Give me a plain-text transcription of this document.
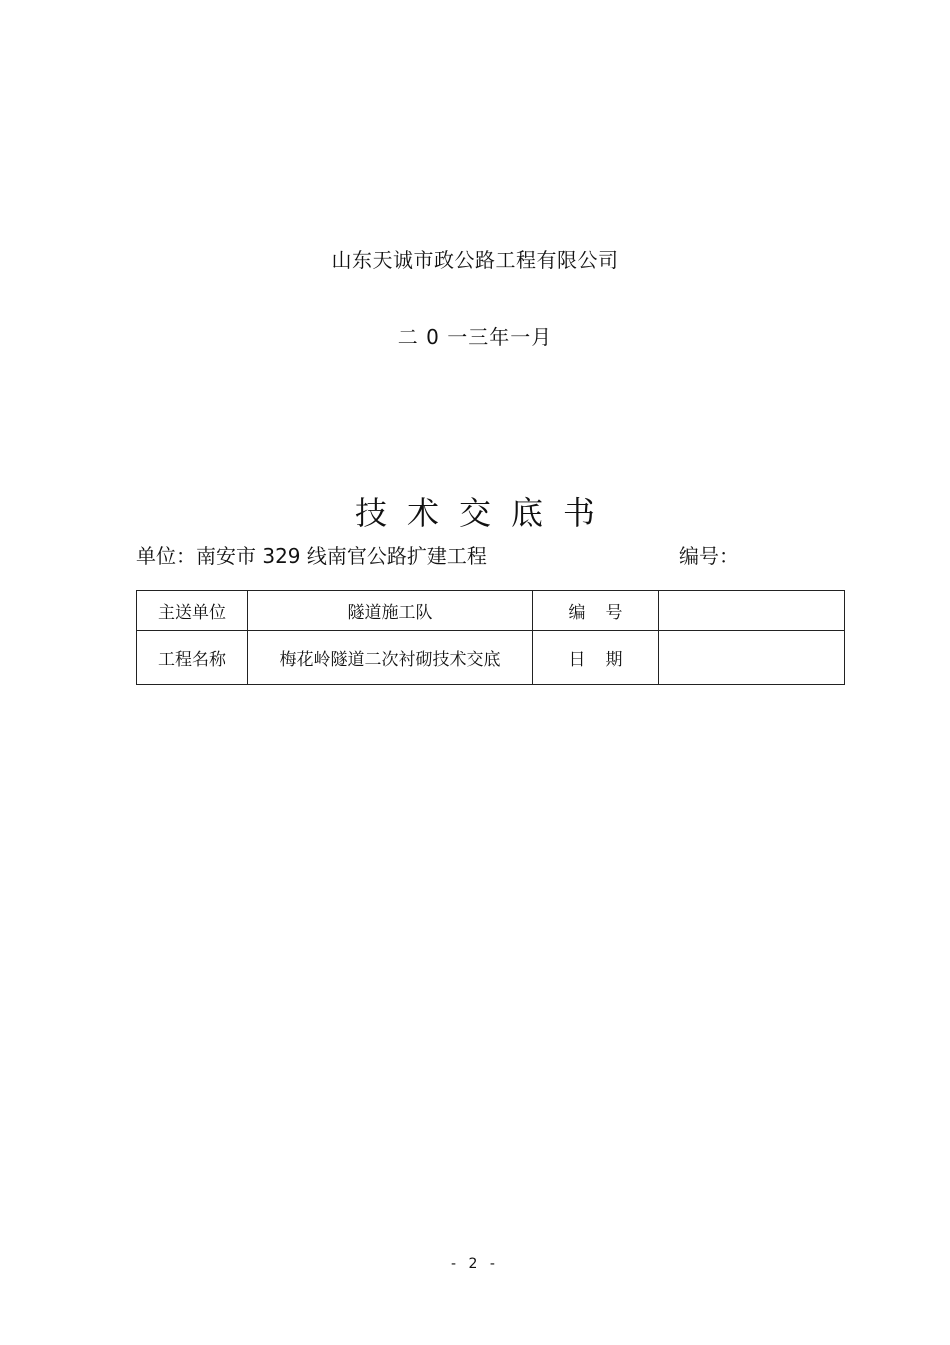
山东天诚市政公路工程有限公司
二 0 一三年一月
技术交底书
单位：南安市 329 线南官公路扩建工程	编号：
主送单位	隧道施工队	编号	
工程名称	梅花岭隧道二次衬砌技术交底	日期	
- 2 -
